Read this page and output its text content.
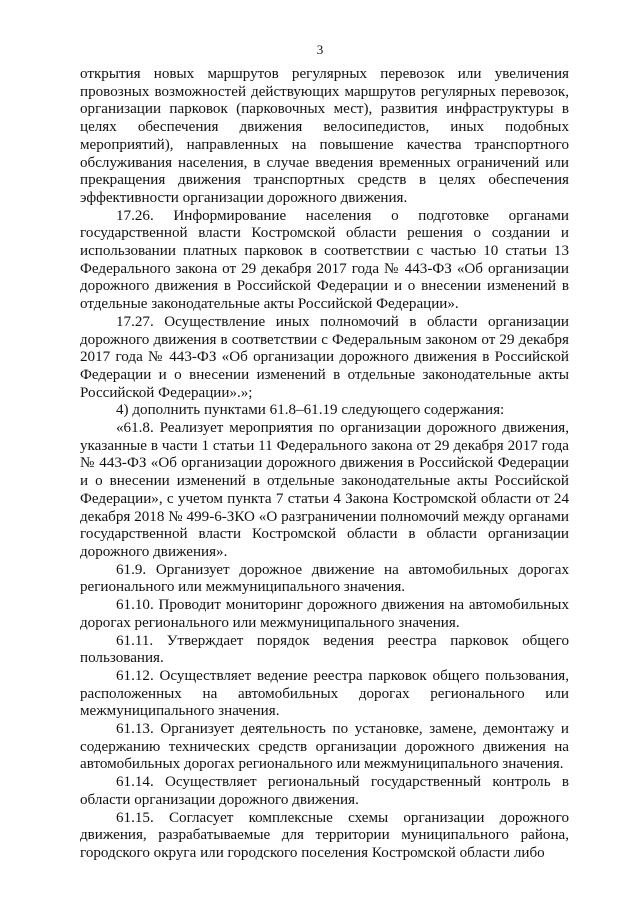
3

открытия новых маршрутов регулярных перевозок или увеличения провозных возможностей действующих маршрутов регулярных перевозок, организации парковок (парковочных мест), развития инфраструктуры в целях обеспечения движения велосипедистов, иных подобных мероприятий), направленных на повышение качества транспортного обслуживания населения, в случае введения временных ограничений или прекращения движения транспортных средств в целях обеспечения эффективности организации дорожного движения.

17.26. Информирование населения о подготовке органами государственной власти Костромской области решения о создании и использовании платных парковок в соответствии с частью 10 статьи 13 Федерального закона от 29 декабря 2017 года № 443-ФЗ «Об организации дорожного движения в Российской Федерации и о внесении изменений в отдельные законодательные акты Российской Федерации».

17.27. Осуществление иных полномочий в области организации дорожного движения в соответствии с Федеральным законом от 29 декабря 2017 года № 443-ФЗ «Об организации дорожного движения в Российской Федерации и о внесении изменений в отдельные законодательные акты Российской Федерации».»;

4) дополнить пунктами 61.8–61.19 следующего содержания:

«61.8. Реализует мероприятия по организации дорожного движения, указанные в части 1 статьи 11 Федерального закона от 29 декабря 2017 года № 443-ФЗ «Об организации дорожного движения в Российской Федерации и о внесении изменений в отдельные законодательные акты Российской Федерации», с учетом пункта 7 статьи 4 Закона Костромской области от 24 декабря 2018 № 499-6-ЗКО «О разграничении полномочий между органами государственной власти Костромской области в области организации дорожного движения».

61.9. Организует дорожное движение на автомобильных дорогах регионального или межмуниципального значения.

61.10. Проводит мониторинг дорожного движения на автомобильных дорогах регионального или межмуниципального значения.

61.11. Утверждает порядок ведения реестра парковок общего пользования.

61.12. Осуществляет ведение реестра парковок общего пользования, расположенных на автомобильных дорогах регионального или межмуниципального значения.

61.13. Организует деятельность по установке, замене, демонтажу и содержанию технических средств организации дорожного движения на автомобильных дорогах регионального или межмуниципального значения.

61.14. Осуществляет региональный государственный контроль в области организации дорожного движения.

61.15. Согласует комплексные схемы организации дорожного движения, разрабатываемые для территории муниципального района, городского округа или городского поселения Костромской области либо
